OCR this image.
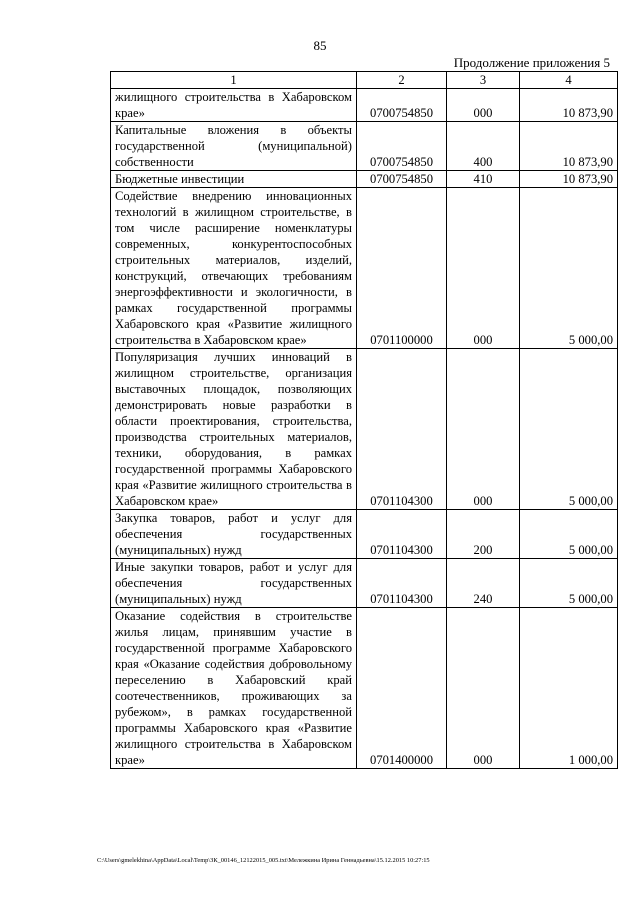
85
Продолжение приложения 5
1	2	3	4
жилищного строительства в Хабаровском крае»	0700754850	000	10 873,90
Капитальные вложения в объекты государственной (муниципальной) собственности	0700754850	400	10 873,90
Бюджетные инвестиции	0700754850	410	10 873,90
Содействие внедрению инновационных технологий в жилищном строительстве, в том числе расширение номенклатуры современных, конкурентоспособных строительных материалов, изделий, конструкций, отвечающих требованиям энергоэффективности и экологичности, в рамках государственной программы Хабаровского края «Развитие жилищного строительства в Хабаровском крае»	0701100000	000	5 000,00
Популяризация лучших инноваций в жилищном строительстве, организация выставочных площадок, позволяющих демонстрировать новые разработки в области проектирования, строительства, производства строительных материалов, техники, оборудования, в рамках государственной программы Хабаровского края «Развитие жилищного строительства в Хабаровском крае»	0701104300	000	5 000,00
Закупка товаров, работ и услуг для обеспечения государственных (муниципальных) нужд	0701104300	200	5 000,00
Иные закупки товаров, работ и услуг для обеспечения государственных (муниципальных) нужд	0701104300	240	5 000,00
Оказание содействия в строительстве жилья лицам, принявшим участие в государственной программе Хабаровского края «Оказание содействия добровольному переселению в Хабаровский край соотечественников, проживающих за рубежом», в рамках государственной программы Хабаровского края «Развитие жилищного строительства в Хабаровском крае»	0701400000	000	1 000,00
C:\Users\gmelekhina\AppData\Local\Temp\ЗК_00146_12122015_005.txt\Мележкина Ирина Геннадьевна\15.12.2015 10:27:15
